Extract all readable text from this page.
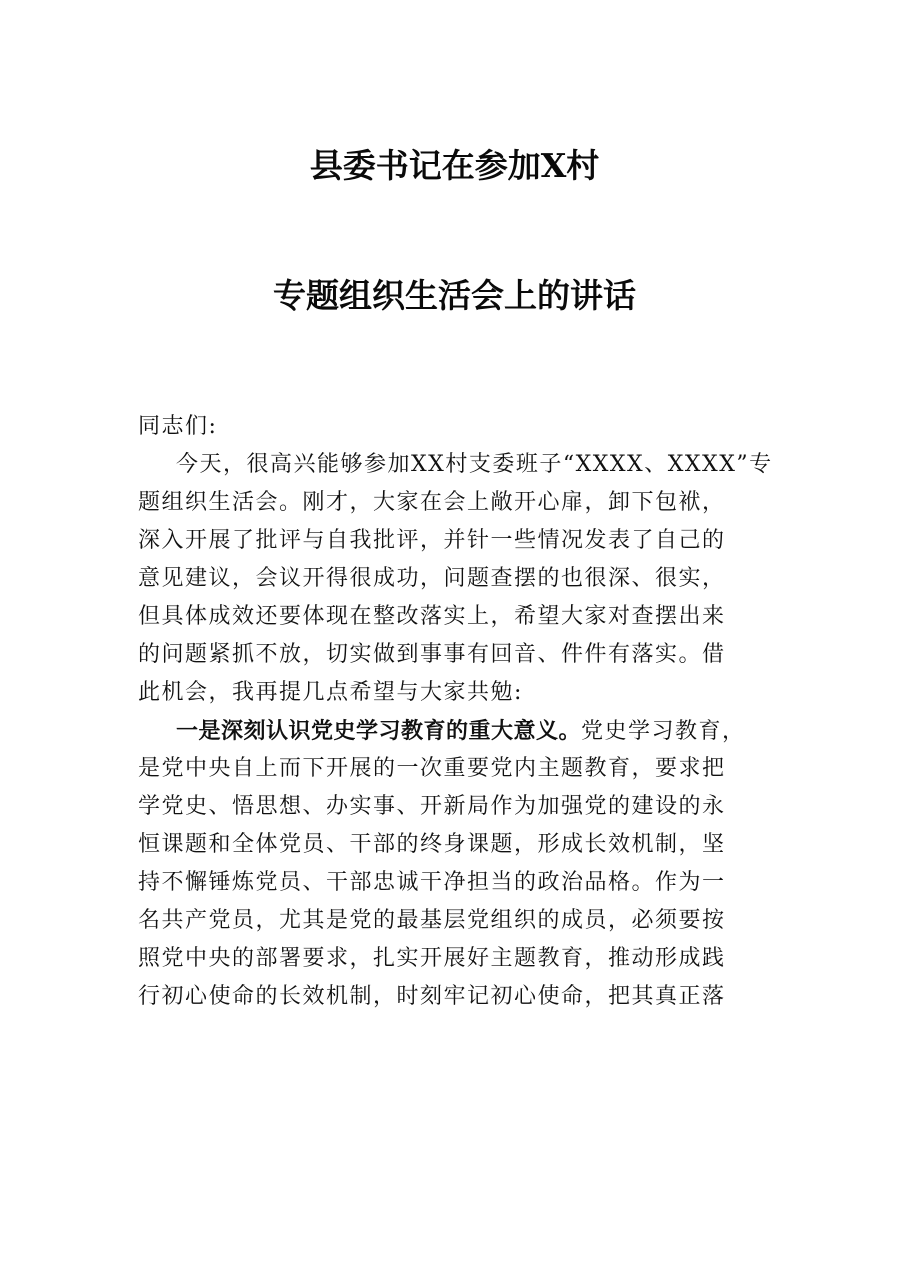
县委书记在参加X村
专题组织生活会上的讲话
同志们:
今天，很高兴能够参加XX村支委班子“XXXX、XXXX”专
题组织生活会。刚才，大家在会上敞开心扉，卸下包袱，
深入开展了批评与自我批评，并针一些情况发表了自己的
意见建议，会议开得很成功，问题查摆的也很深、很实，
但具体成效还要体现在整改落实上，希望大家对查摆出来
的问题紧抓不放，切实做到事事有回音、件件有落实。借
此机会，我再提几点希望与大家共勉:
一是深刻认识党史学习教育的重大意义。党史学习教育，
是党中央自上而下开展的一次重要党内主题教育，要求把
学党史、悟思想、办实事、开新局作为加强党的建设的永
恒课题和全体党员、干部的终身课题，形成长效机制，坚
持不懈锤炼党员、干部忠诚干净担当的政治品格。作为一
名共产党员，尤其是党的最基层党组织的成员，必须要按
照党中央的部署要求，扎实开展好主题教育，推动形成践
行初心使命的长效机制，时刻牢记初心使命，把其真正落
